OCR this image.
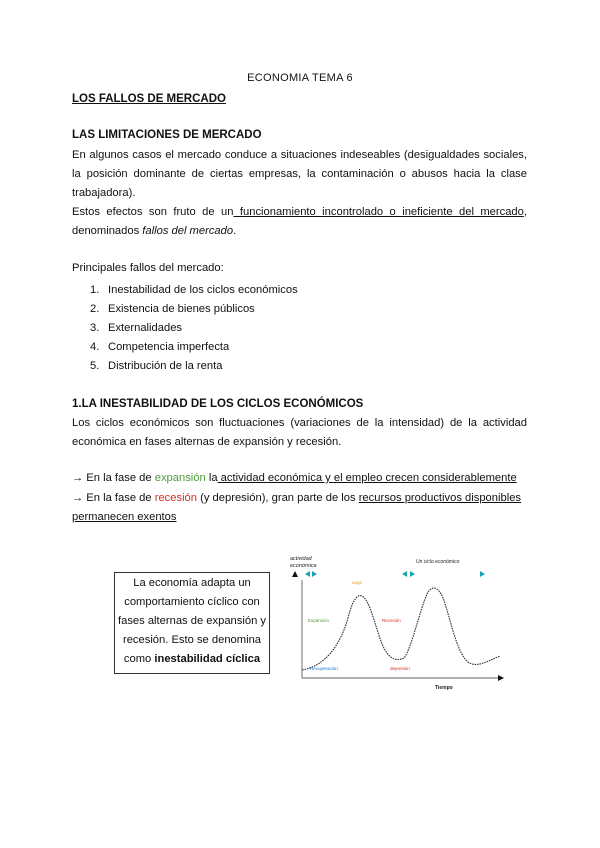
ECONOMIA TEMA 6
LOS FALLOS DE MERCADO
LAS LIMITACIONES DE MERCADO
En algunos casos el mercado conduce a situaciones indeseables (desigualdades sociales, la posición dominante de ciertas empresas, la contaminación o abusos hacia la clase trabajadora).
Estos efectos son fruto de un funcionamiento incontrolado o ineficiente del mercado, denominados fallos del mercado.
Principales fallos del mercado:
1. Inestabilidad de los ciclos económicos
2. Existencia de bienes públicos
3. Externalidades
4. Competencia imperfecta
5. Distribución de la renta
1.LA INESTABILIDAD DE LOS CICLOS ECONÓMICOS
Los ciclos económicos son fluctuaciones (variaciones de la intensidad) de la actividad económica en fases alternas de expansión y recesión.
→ En la fase de expansión la actividad económica y el empleo crecen considerablemente
→ En la fase de recesión (y depresión), gran parte de los recursos productivos disponibles
permanecen exentos
La economía adapta un comportamiento cíclico con fases alternas de expansión y recesión. Esto se denomina como inestabilidad cíclica
actividad
económica
Tiempo
Un ciclo económico
auge
Expansión	Recesión
Recuperación	depresión
